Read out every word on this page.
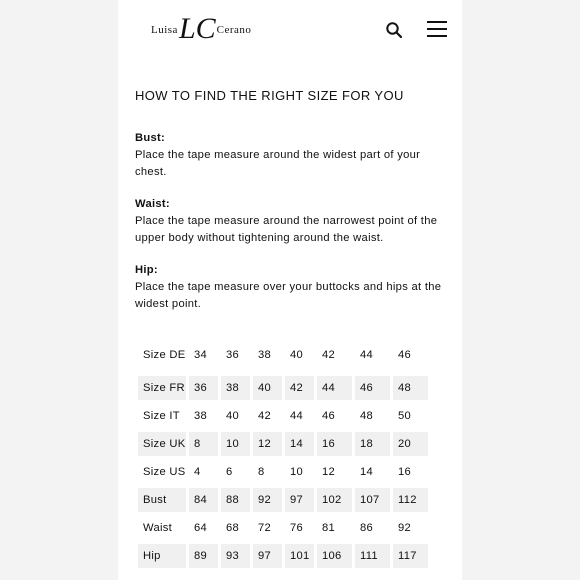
Luisa LC Cerano
HOW TO FIND THE RIGHT SIZE FOR YOU
Bust:
Place the tape measure around the widest part of your chest.
Waist:
Place the tape measure around the narrowest point of the upper body without tightening around the waist.
Hip:
Place the tape measure over your buttocks and hips at the widest point.
Size DE	34	36	38	40	42	44	46
Size FR	36	38	40	42	44	46	48
Size IT	38	40	42	44	46	48	50
Size UK	8	10	12	14	16	18	20
Size US	4	6	8	10	12	14	16
Bust	84	88	92	97	102	107	112
Waist	64	68	72	76	81	86	92
Hip	89	93	97	101	106	111	117
